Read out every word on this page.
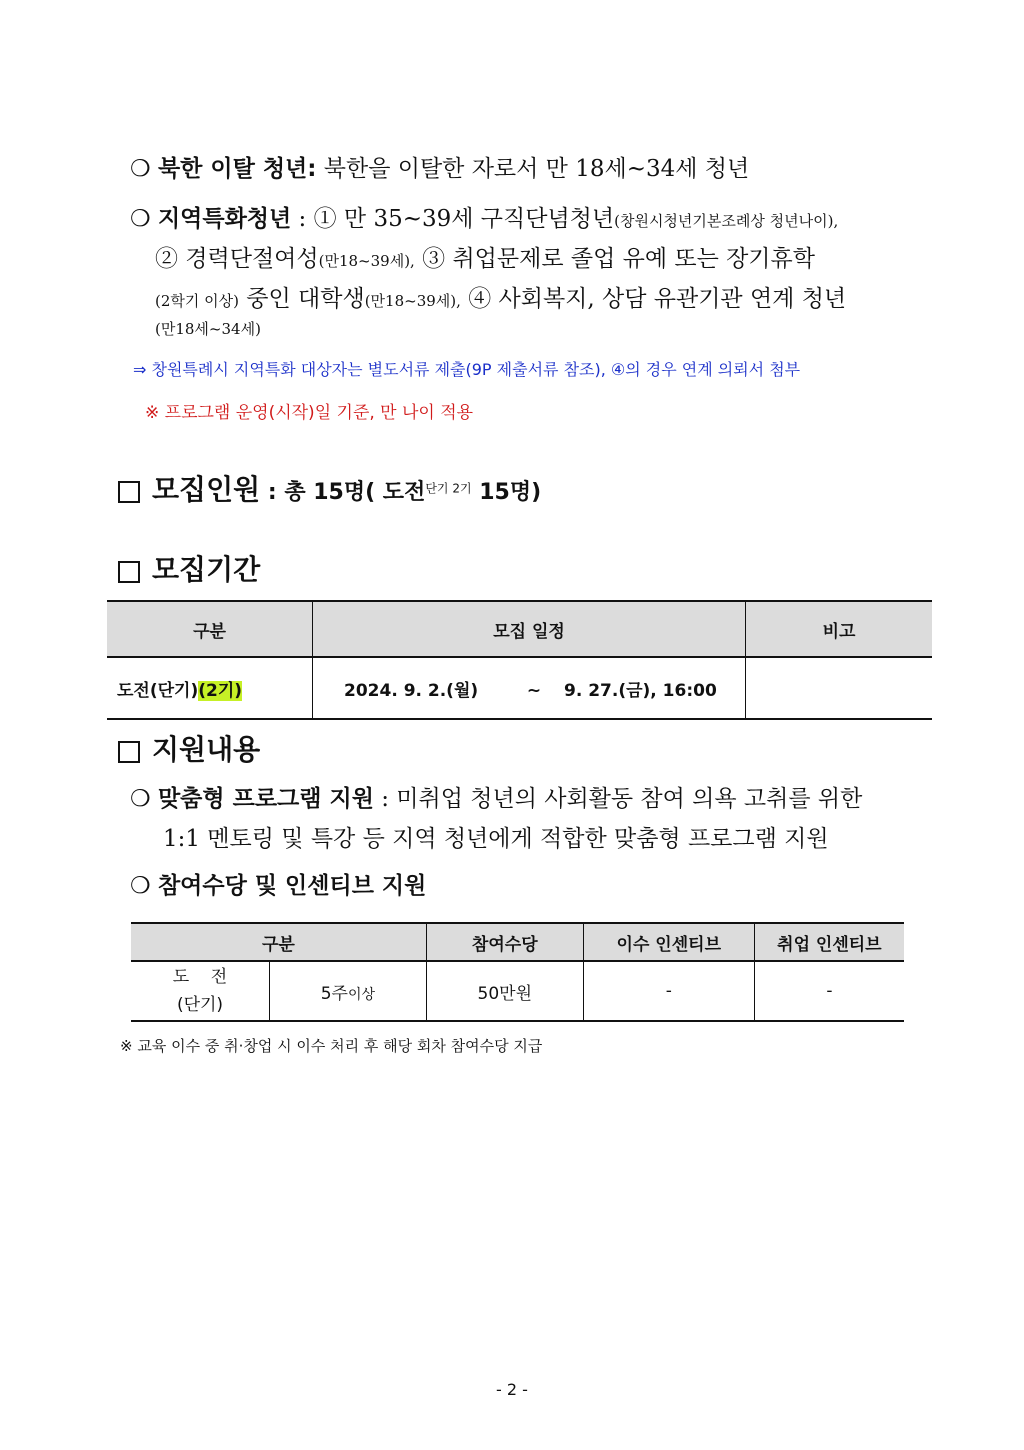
❍ 북한 이탈 청년: 북한을 이탈한 자로서 만 18세~34세 청년
❍ 지역특화청년 : ① 만 35~39세 구직단념청년(창원시청년기본조례상 청년나이),
② 경력단절여성(만18~39세), ③ 취업문제로 졸업 유예 또는 장기휴학
(2학기 이상) 중인 대학생(만18~39세), ④ 사회복지, 상담 유관기관 연계 청년
(만18세~34세)
⇒ 창원특례시 지역특화 대상자는 별도서류 제출(9P 제출서류 참조), ④의 경우 연계 의뢰서 첨부
※ 프로그램 운영(시작)일 기준, 만 나이 적용
모집인원 : 총 15명( 도전$^{단기 2기}$ 15명)
모집기간
구분	모집 일정	비고
도전(단기)(2기)	2024. 9. 2.(월) ~ 9. 27.(금), 16:00	
지원내용
❍ 맞춤형 프로그램 지원 : 미취업 청년의 사회활동 참여 의욕 고취를 위한
1:1 멘토링 및 특강 등 지역 청년에게 적합한 맞춤형 프로그램 지원
❍ 참여수당 및 인센티브 지원
구분		참여수당	이수 인센티브	취업 인센티브

도    전
(단기)	5주이상	50만원	-	-
※ 교육 이수 중 취·창업 시 이수 처리 후 해당 회차 참여수당 지급
- 2 -
